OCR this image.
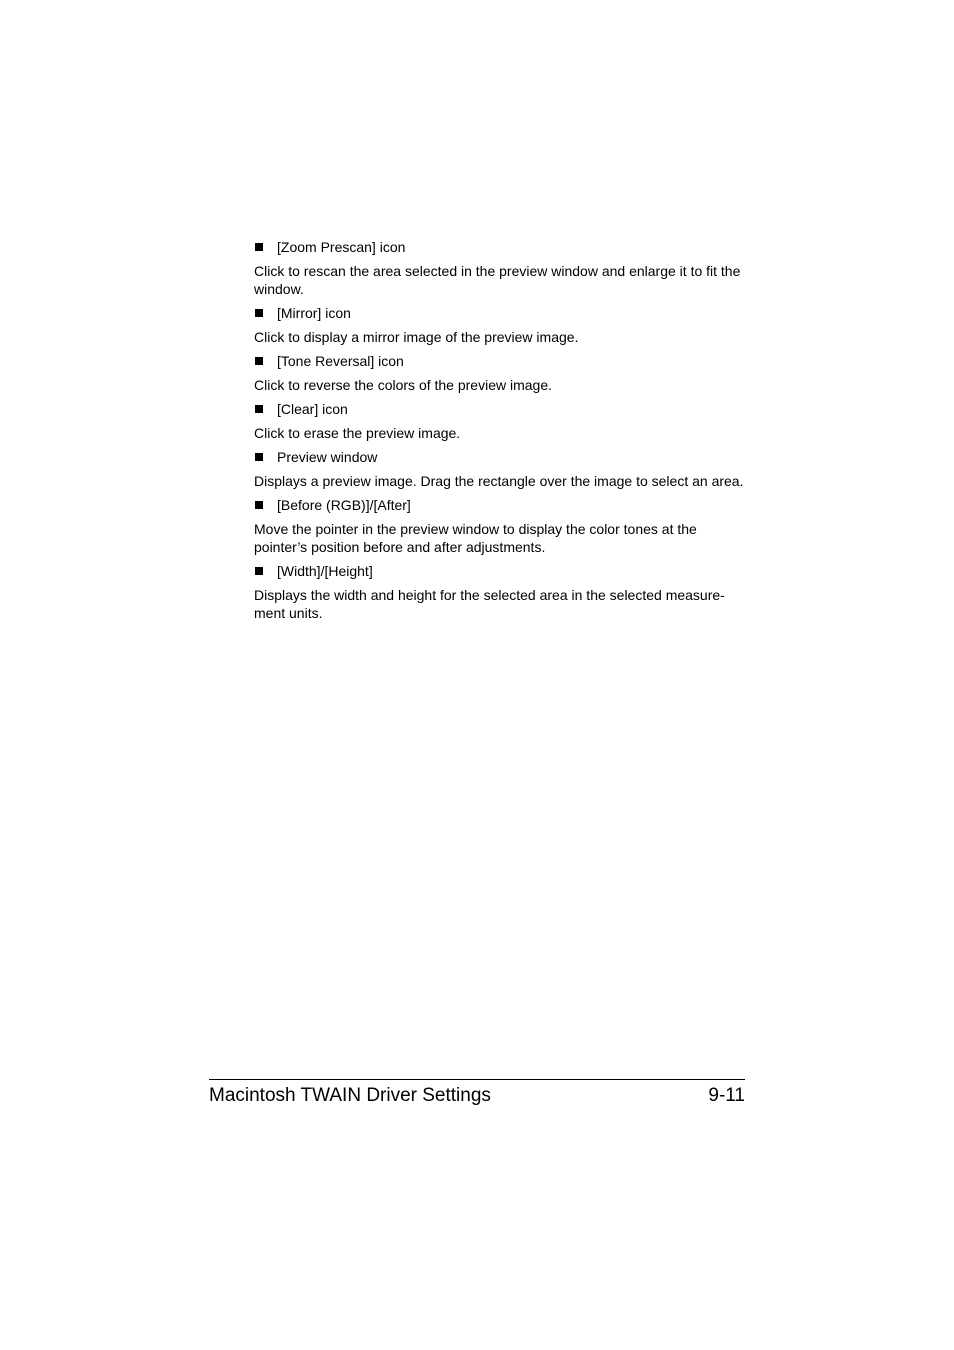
[Zoom Prescan] icon

Click to rescan the area selected in the preview window and enlarge it to fit the window.

[Mirror] icon

Click to display a mirror image of the preview image.

[Tone Reversal] icon

Click to reverse the colors of the preview image.

[Clear] icon

Click to erase the preview image.

Preview window

Displays a preview image. Drag the rectangle over the image to select an area.

[Before (RGB)]/[After]

Move the pointer in the preview window to display the color tones at the pointer’s position before and after adjustments.

[Width]/[Height]

Displays the width and height for the selected area in the selected measure-ment units.

Macintosh TWAIN Driver Settings	9-11
